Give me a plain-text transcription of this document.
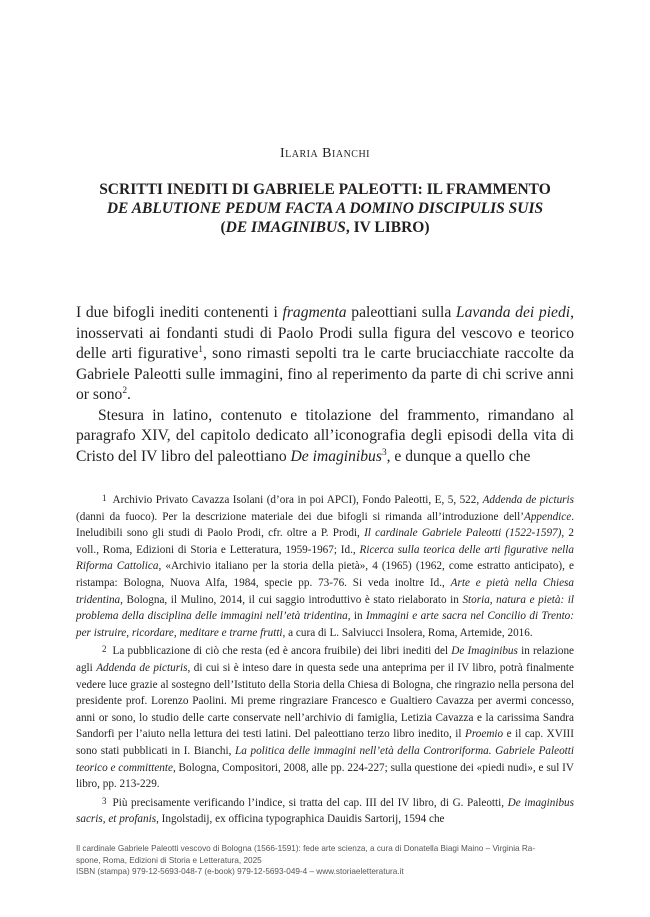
Ilaria Bianchi
SCRITTI INEDITI DI GABRIELE PALEOTTI: IL FRAMMENTO
DE ABLUTIONE PEDUM FACTA A DOMINO DISCIPULIS SUIS
(DE IMAGINIBUS, IV LIBRO)

I due bifogli inediti contenenti i fragmenta paleottiani sulla Lavanda dei piedi, inosservati ai fondanti studi di Paolo Prodi sulla figura del vescovo e teorico delle arti figurative$^1$, sono rimasti sepolti tra le carte bruciacchiate raccolte da Gabriele Paleotti sulle immagini, fino al reperimento da parte di chi scrive anni or sono$^2$.

Stesura in latino, contenuto e titolazione del frammento, rimandano al paragrafo XIV, del capitolo dedicato all’iconografia degli episodi della vita di Cristo del IV libro del paleottiano De imaginibus$^3$, e dunque a quello che

1 Archivio Privato Cavazza Isolani (d’ora in poi APCI), Fondo Paleotti, E, 5, 522, Addenda de picturis (danni da fuoco). Per la descrizione materiale dei due bifogli si rimanda all’introduzione dell’Appendice. Ineludibili sono gli studi di Paolo Prodi, cfr. oltre a P. Prodi, Il cardinale Gabriele Paleotti (1522-1597), 2 voll., Roma, Edizioni di Storia e Letteratura, 1959-1967; Id., Ricerca sulla teorica delle arti figurative nella Riforma Cattolica, «Archivio italiano per la storia della pietà», 4 (1965) (1962, come estratto anticipato), e ristampa: Bologna, Nuova Alfa, 1984, specie pp. 73-76. Si veda inoltre Id., Arte e pietà nella Chiesa tridentina, Bologna, il Mulino, 2014, il cui saggio introduttivo è stato rielaborato in Storia, natura e pietà: il problema della disciplina delle immagini nell’età tridentina, in Immagini e arte sacra nel Concilio di Trento: per istruire, ricordare, meditare e trarne frutti, a cura di L. Salviucci Insolera, Roma, Artemide, 2016.

2 La pubblicazione di ciò che resta (ed è ancora fruibile) dei libri inediti del De Imaginibus in relazione agli Addenda de picturis, di cui si è inteso dare in questa sede una anteprima per il IV libro, potrà finalmente vedere luce grazie al sostegno dell’Istituto della Storia della Chiesa di Bologna, che ringrazio nella persona del presidente prof. Lorenzo Paolini. Mi preme ringraziare Francesco e Gualtiero Cavazza per avermi concesso, anni or sono, lo studio delle carte conservate nell’archivio di famiglia, Letizia Cavazza e la carissima Sandra Sandorfi per l’aiuto nella lettura dei testi latini. Del paleottiano terzo libro inedito, il Proemio e il cap. XVIII sono stati pubblicati in I. Bianchi, La politica delle immagini nell’età della Controriforma. Gabriele Paleotti teorico e committente, Bologna, Compositori, 2008, alle pp. 224-227; sulla questione dei «piedi nudi», e sul IV libro, pp. 213-229.

3 Più precisamente verificando l’indice, si tratta del cap. III del IV libro, di G. Paleotti, De imaginibus sacris, et profanis, Ingolstadij, ex officina typographica Dauidis Sartorij, 1594 che

Il cardinale Gabriele Paleotti vescovo di Bologna (1566-1591): fede arte scienza, a cura di Donatella Biagi Maino – Virginia Ra-
spone, Roma, Edizioni di Storia e Letteratura, 2025
ISBN (stampa) 979-12-5693-048-7 (e-book) 979-12-5693-049-4 – www.storiaeletteratura.it
